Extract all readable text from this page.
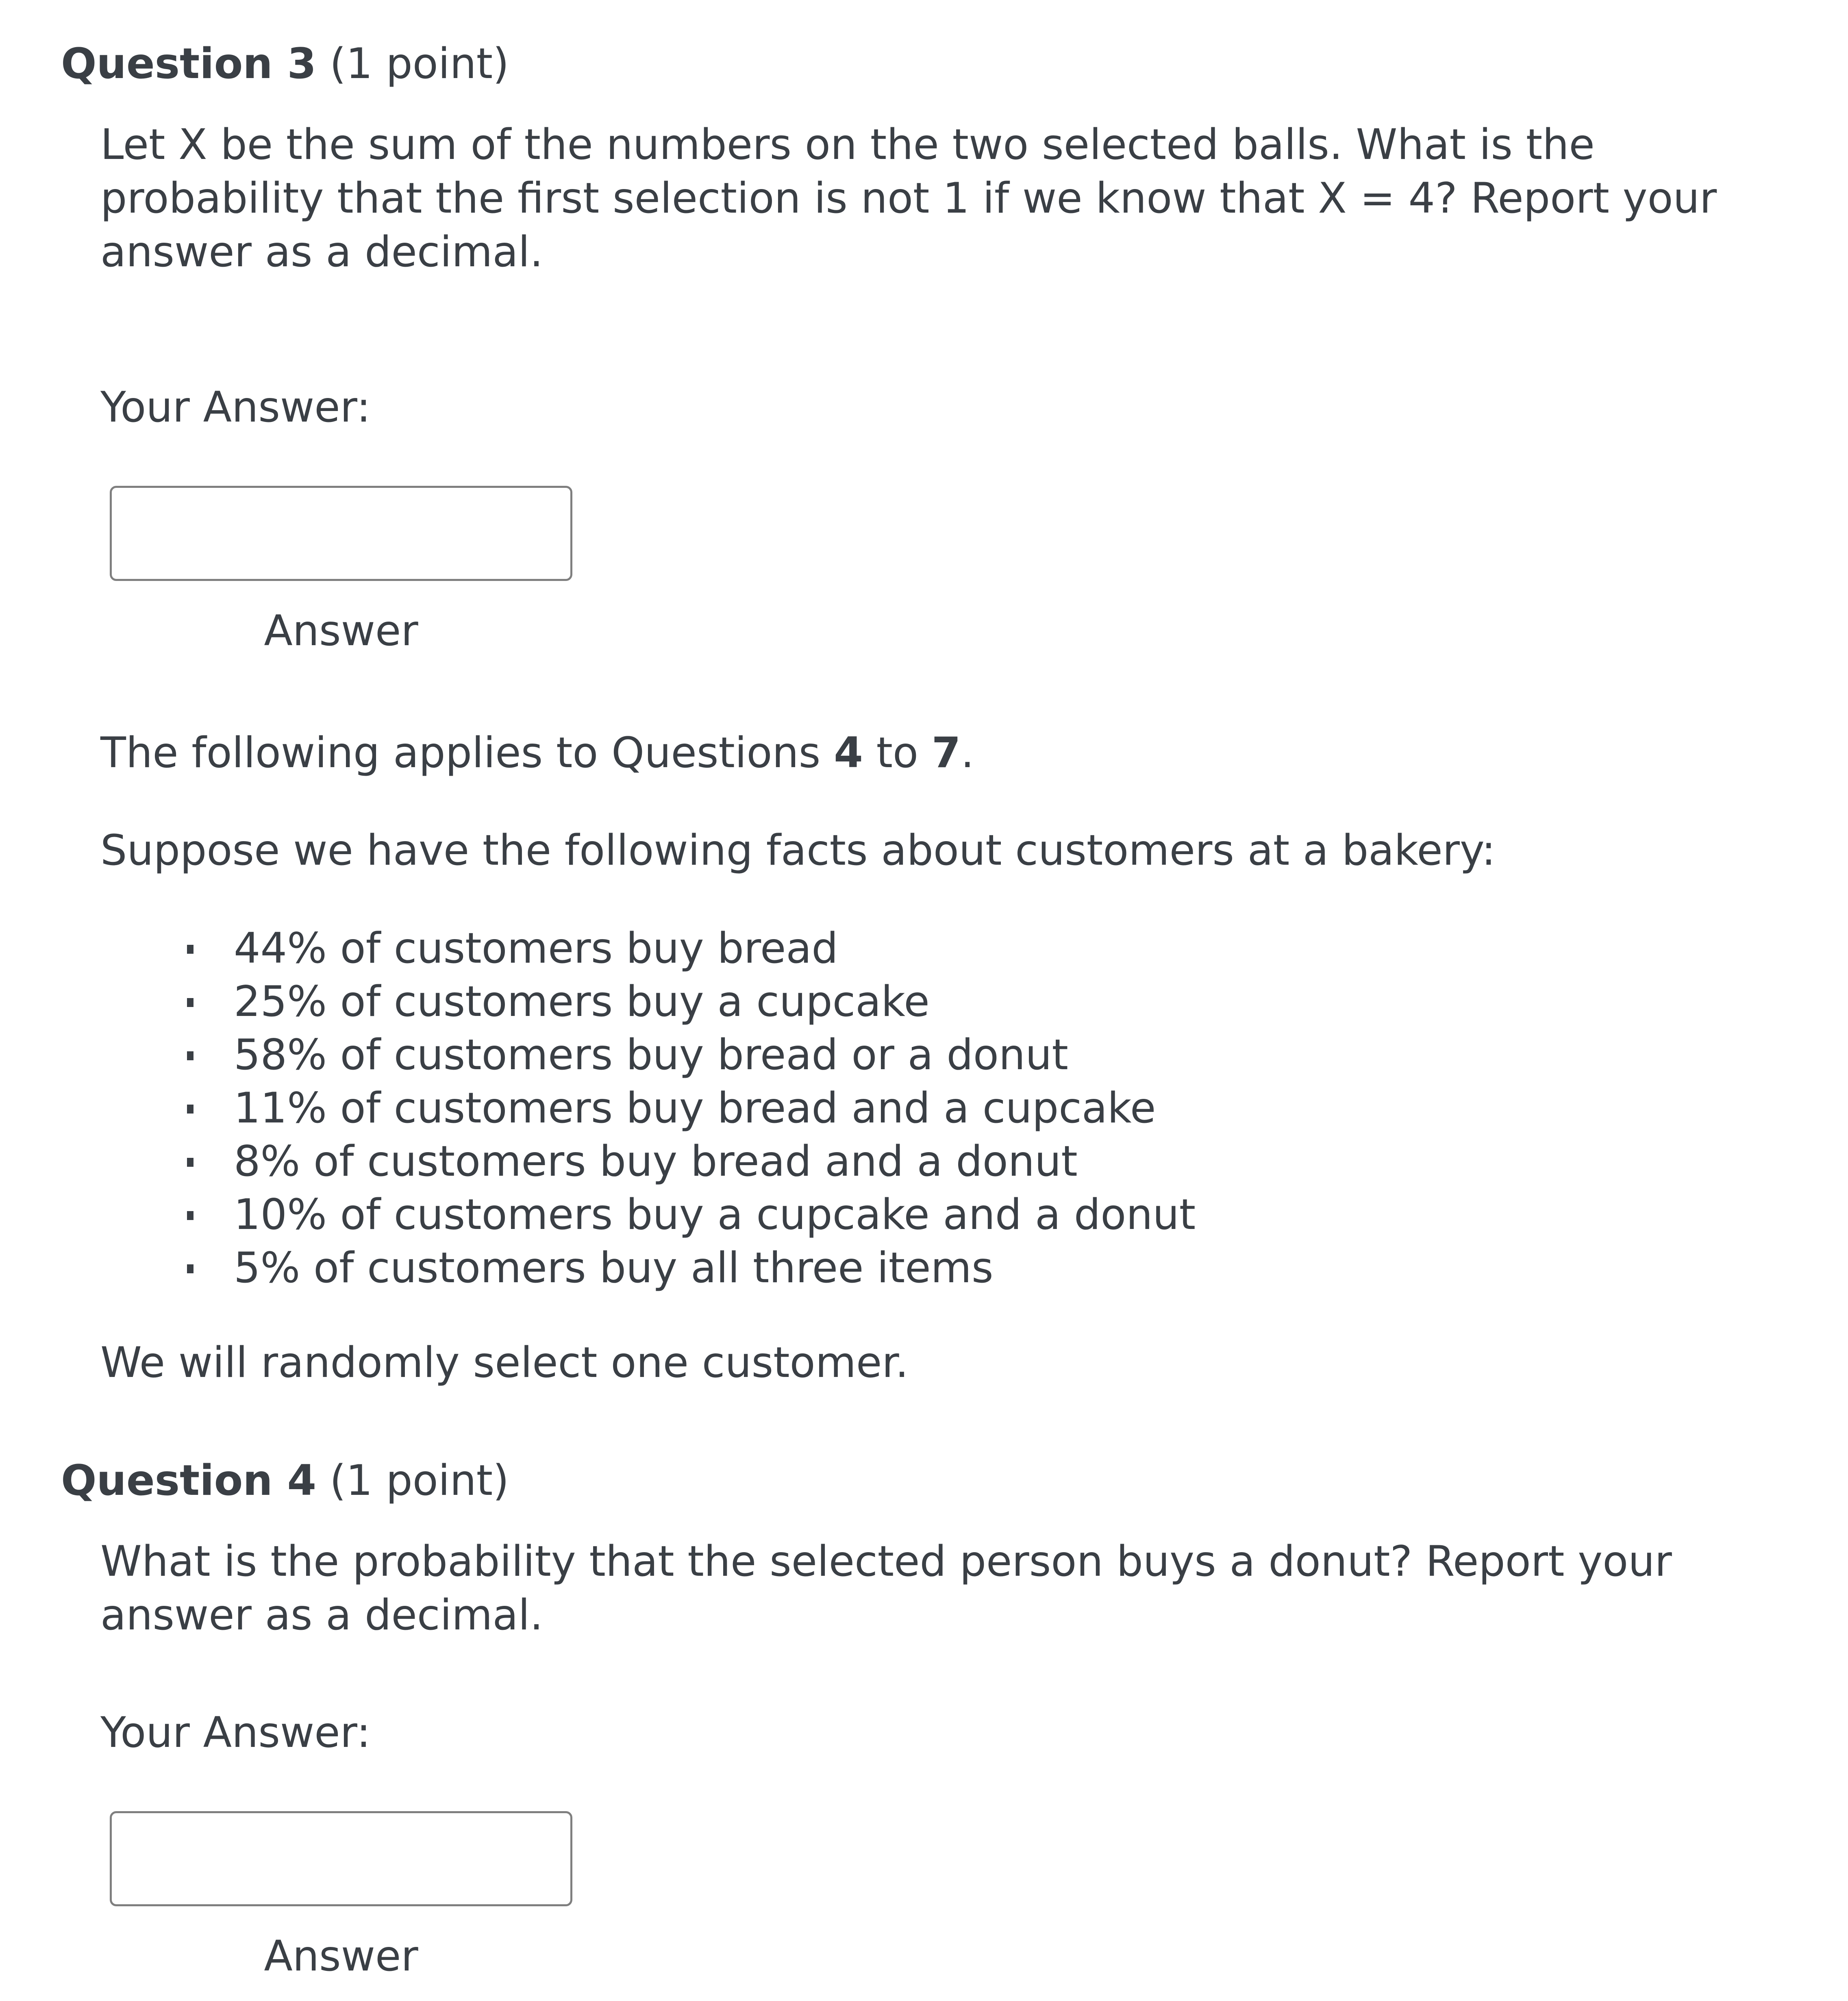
Question 3 (1 point)
Let X be the sum of the numbers on the two selected balls. What is the probability that the first selection is not 1 if we know that X = 4? Report your answer as a decimal.
Your Answer:
Answer
The following applies to Questions 4 to 7.
Suppose we have the following facts about customers at a bakery:
44% of customers buy bread
25% of customers buy a cupcake
58% of customers buy bread or a donut
11% of customers buy bread and a cupcake
8% of customers buy bread and a donut
10% of customers buy a cupcake and a donut
5% of customers buy all three items
We will randomly select one customer.
Question 4 (1 point)
What is the probability that the selected person buys a donut? Report your answer as a decimal.
Your Answer:
Answer
